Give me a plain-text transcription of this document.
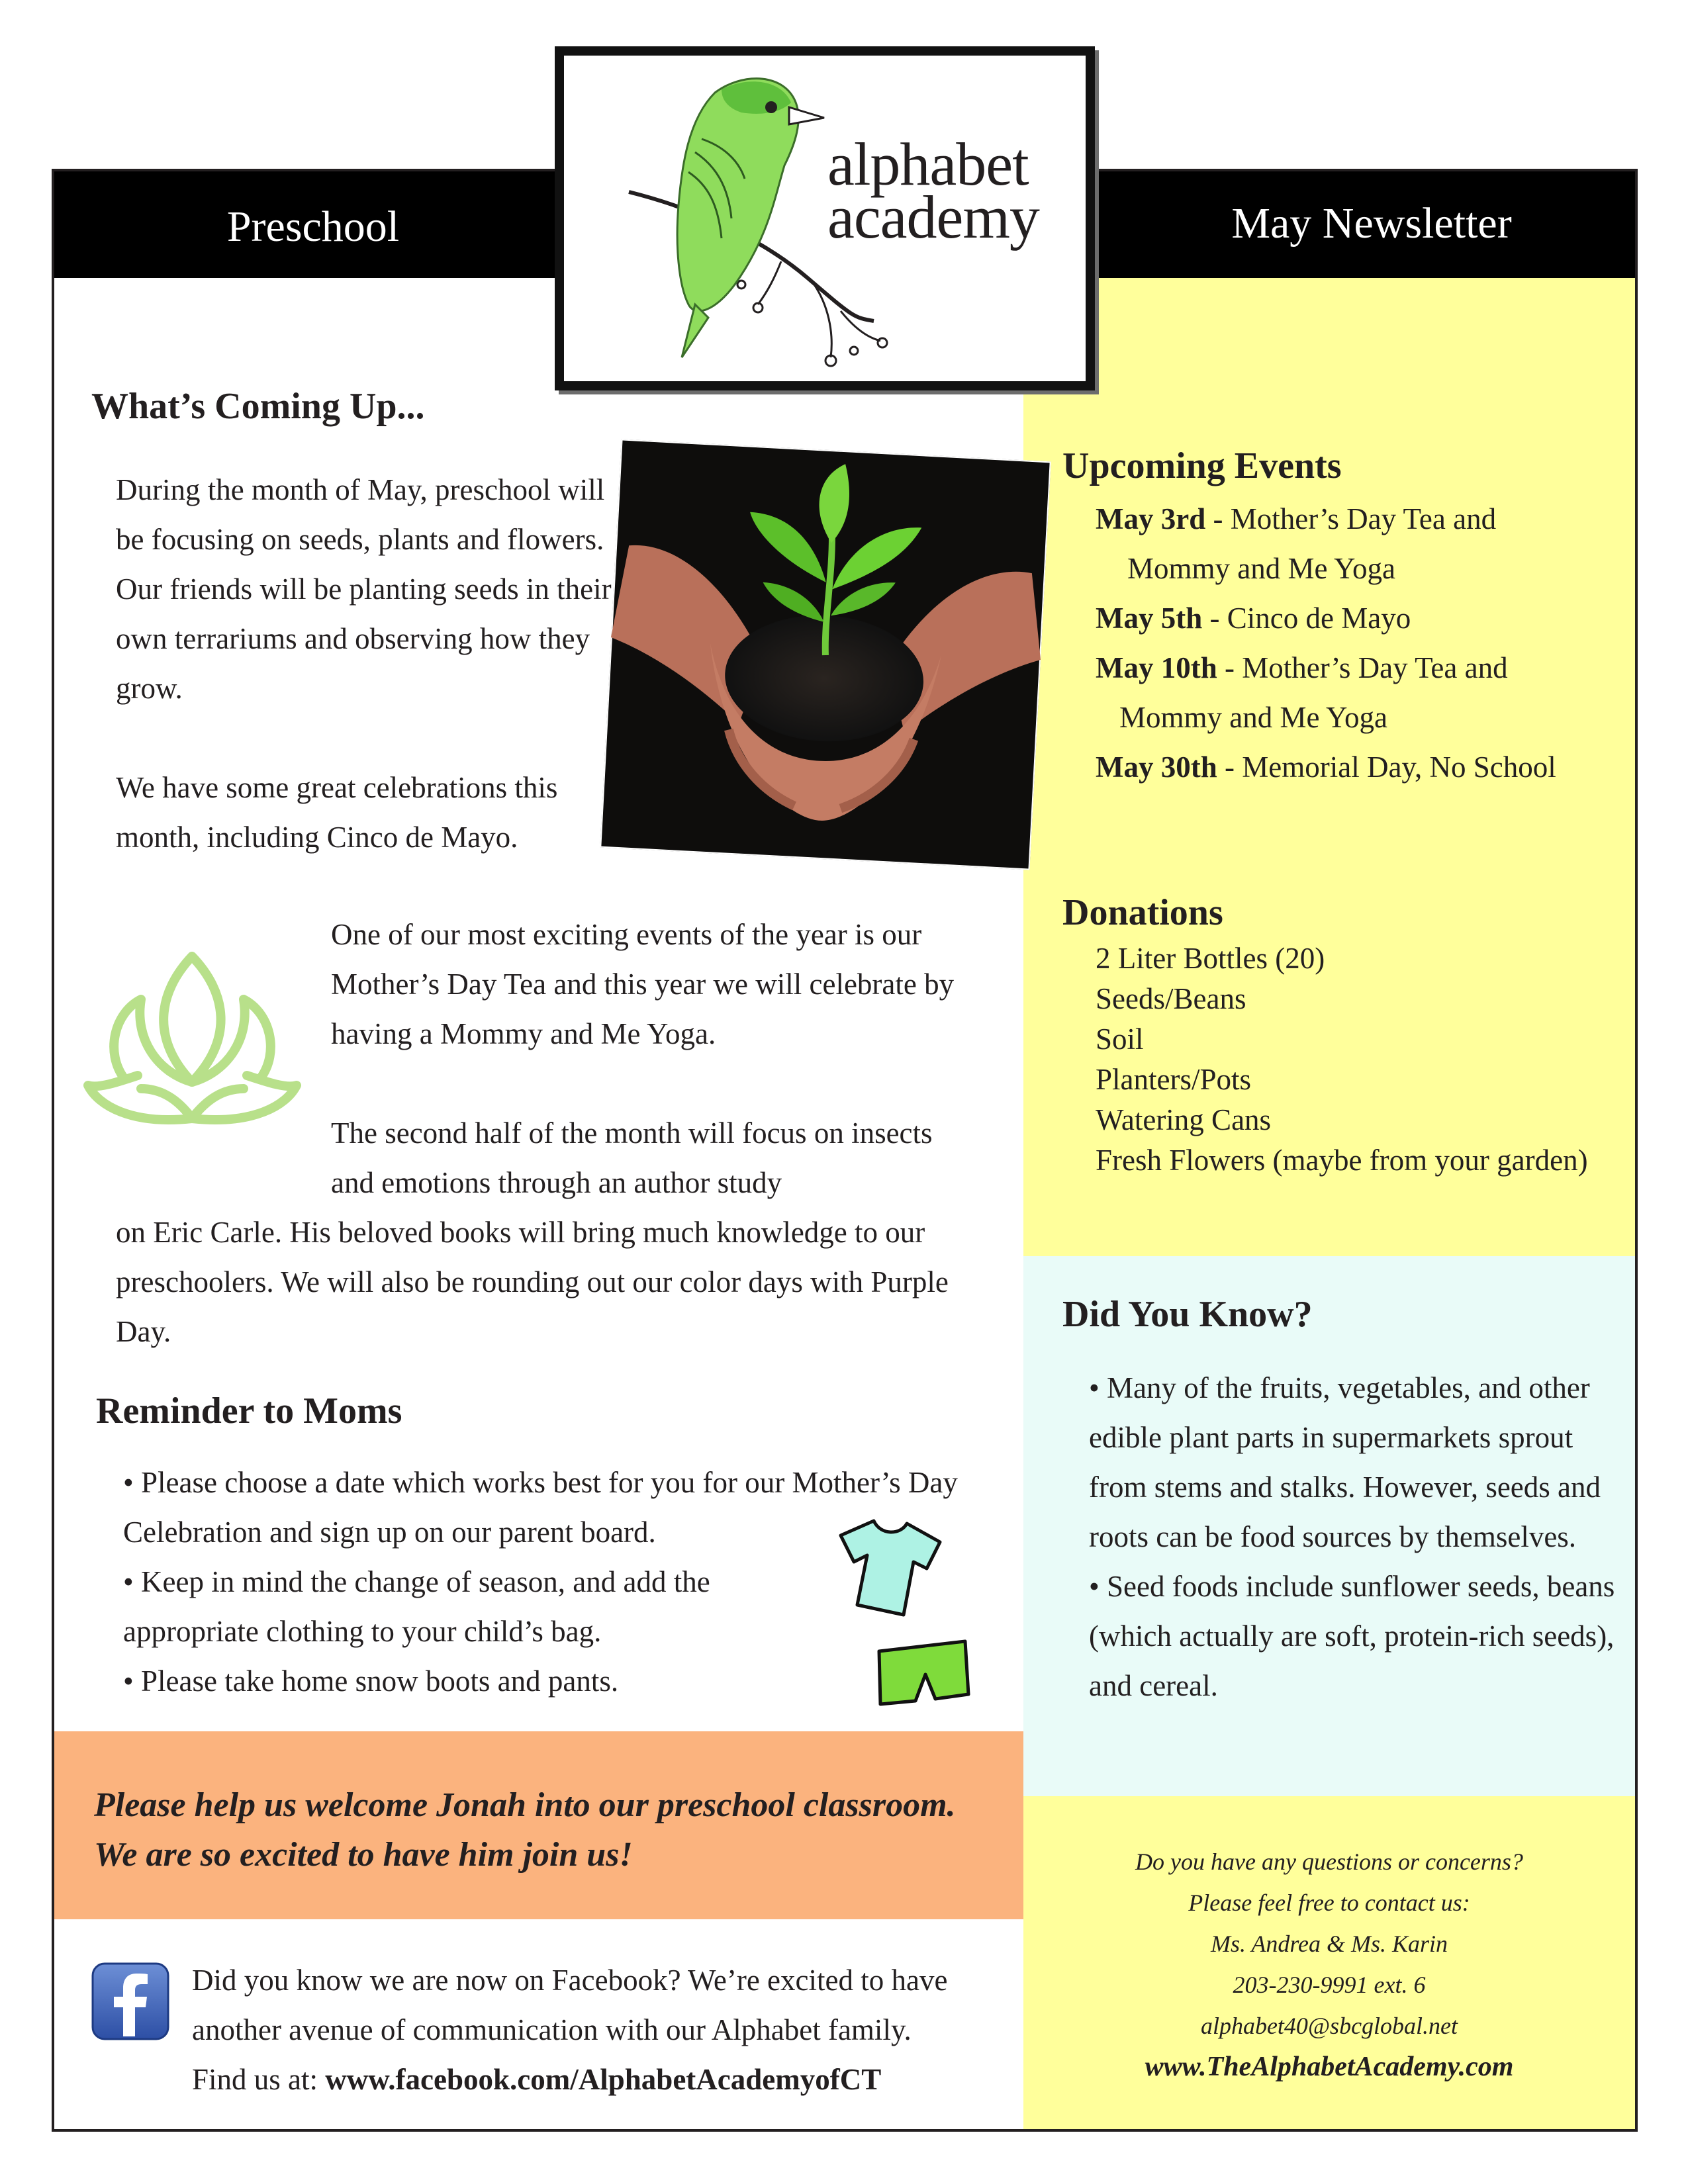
Preschool	May Newsletter
alphabet
academy
What’s Coming Up...
During the month of May, preschool will be focusing on seeds, plants and flowers. Our friends will be planting seeds in their own terrariums and observing how they grow.
We have some great celebrations this month, including Cinco de Mayo.
One of our most exciting events of the year is our Mother’s Day Tea and this year we will celebrate by having a Mommy and Me Yoga.
The second half of the month will focus on insects and emotions through an author study
on Eric Carle. His beloved books will bring much knowledge to our preschoolers. We will also be rounding out our color days with Purple Day.
Reminder to Moms
• Please choose a date which works best for you for our Mother’s Day Celebration and sign up on our parent board.
• Keep in mind the change of season, and add the appropriate clothing to your child’s bag.
• Please take home snow boots and pants.
Please help us welcome Jonah into our preschool classroom.
We are so excited to have him join us!
Did you know we are now on Facebook? We’re excited to have another avenue of communication with our Alphabet family.
Find us at: www.facebook.com/AlphabetAcademyofCT
Upcoming Events
May 3rd - Mother’s Day Tea and
Mommy and Me Yoga
May 5th - Cinco de Mayo
May 10th - Mother’s Day Tea and
Mommy and Me Yoga
May 30th - Memorial Day, No School
Donations
2 Liter Bottles (20)
Seeds/Beans
Soil
Planters/Pots
Watering Cans
Fresh Flowers (maybe from your garden)
Did You Know?
• Many of the fruits, vegetables, and other edible plant parts in supermarkets sprout from stems and stalks. However, seeds and roots can be food sources by themselves.
• Seed foods include sunflower seeds, beans (which actually are soft, protein-rich seeds), and cereal.
Do you have any questions or concerns?
Please feel free to contact us:
Ms. Andrea & Ms. Karin
203-230-9991 ext. 6
alphabet40@sbcglobal.net
www.TheAlphabetAcademy.com
